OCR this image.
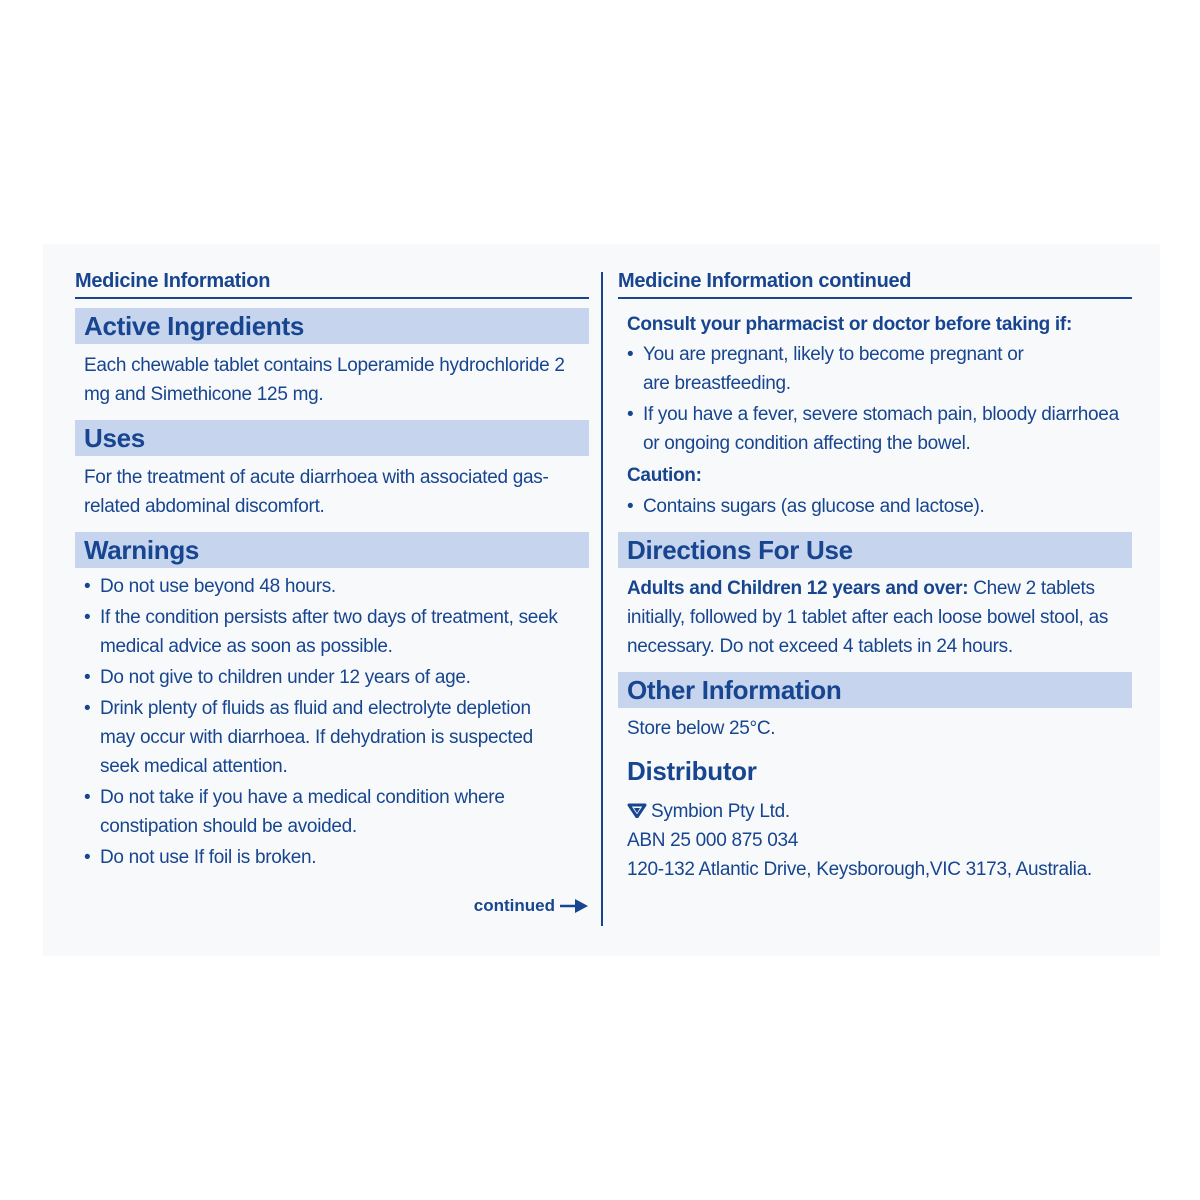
Medicine Information
Active Ingredients
Each chewable tablet contains Loperamide hydrochloride 2 mg and Simethicone 125 mg.
Uses
For the treatment of acute diarrhoea with associated gas-related abdominal discomfort.
Warnings
• Do not use beyond 48 hours.
• If the condition persists after two days of treatment, seek medical advice as soon as possible.
• Do not give to children under 12 years of age.
• Drink plenty of fluids as fluid and electrolyte depletion may occur with diarrhoea. If dehydration is suspected seek medical attention.
• Do not take if you have a medical condition where constipation should be avoided.
• Do not use If foil is broken.
continued
Medicine Information continued
Consult your pharmacist or doctor before taking if:
• You are pregnant, likely to become pregnant or are breastfeeding.
• If you have a fever, severe stomach pain, bloody diarrhoea or ongoing condition affecting the bowel.
Caution:
• Contains sugars (as glucose and lactose).
Directions For Use
Adults and Children 12 years and over: Chew 2 tablets initially, followed by 1 tablet after each loose bowel stool, as necessary. Do not exceed 4 tablets in 24 hours.
Other Information
Store below 25°C.
Distributor
Symbion Pty Ltd.
ABN 25 000 875 034
120-132 Atlantic Drive, Keysborough,VIC 3173, Australia.
